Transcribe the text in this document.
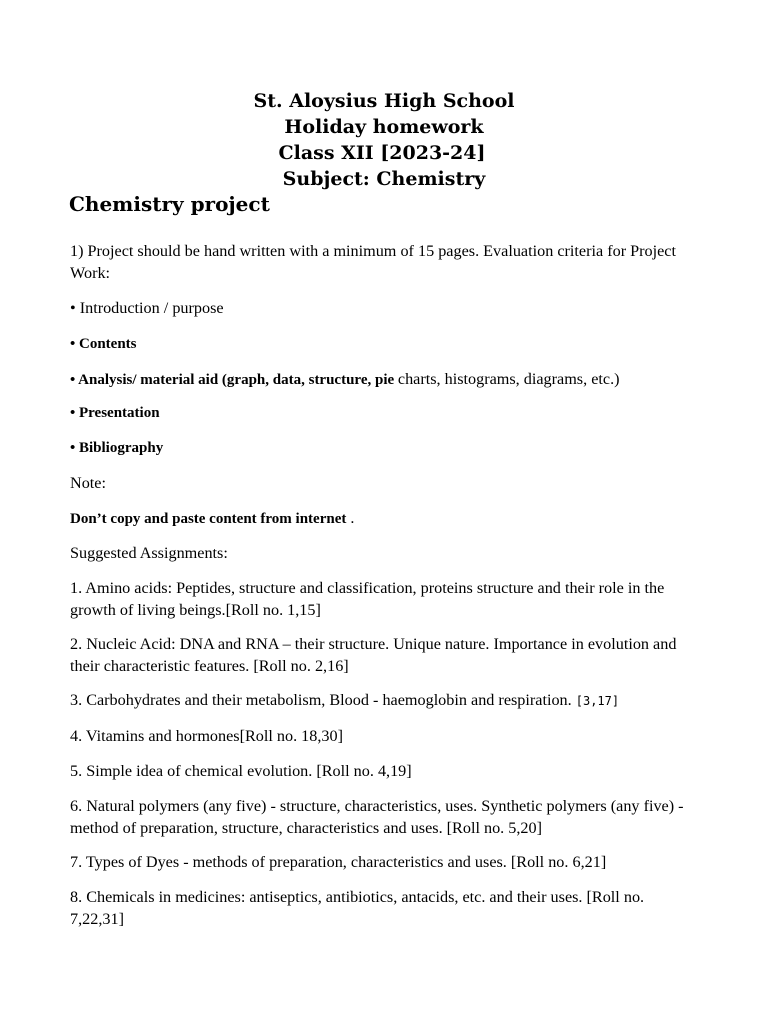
St. Aloysius High School

Holiday homework

Class XII [2023-24]

Subject: Chemistry

Chemistry project

1) Project should be hand written with a minimum of 15 pages. Evaluation criteria for Project Work:

• Introduction / purpose

• Contents

• Analysis/ material aid (graph, data, structure, pie charts, histograms, diagrams, etc.)

• Presentation

• Bibliography

Note:

Don’t copy and paste content from internet .

Suggested Assignments:

1. Amino acids: Peptides, structure and classification, proteins structure and their role in the growth of living beings.[Roll no. 1,15]

2. Nucleic Acid: DNA and RNA – their structure. Unique nature. Importance in evolution and their characteristic features. [Roll no. 2,16]

3. Carbohydrates and their metabolism, Blood - haemoglobin and respiration. [3,17]

4. Vitamins and hormones[Roll no. 18,30]

5. Simple idea of chemical evolution. [Roll no. 4,19]

6. Natural polymers (any five) - structure, characteristics, uses. Synthetic polymers (any five) - method of preparation, structure, characteristics and uses. [Roll no. 5,20]

7. Types of Dyes - methods of preparation, characteristics and uses. [Roll no. 6,21]

8. Chemicals in medicines: antiseptics, antibiotics, antacids, etc. and their uses. [Roll no. 7,22,31]
